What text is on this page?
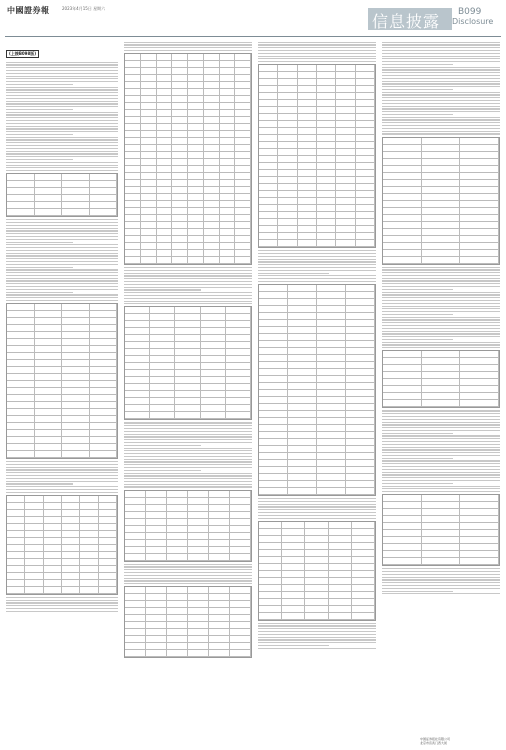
中國證券報	2023年4月15日 星期六
信息披露 B099
Disclosure
(上接B098版)
中国证券报社有限公司
北京市宣武门西大街
